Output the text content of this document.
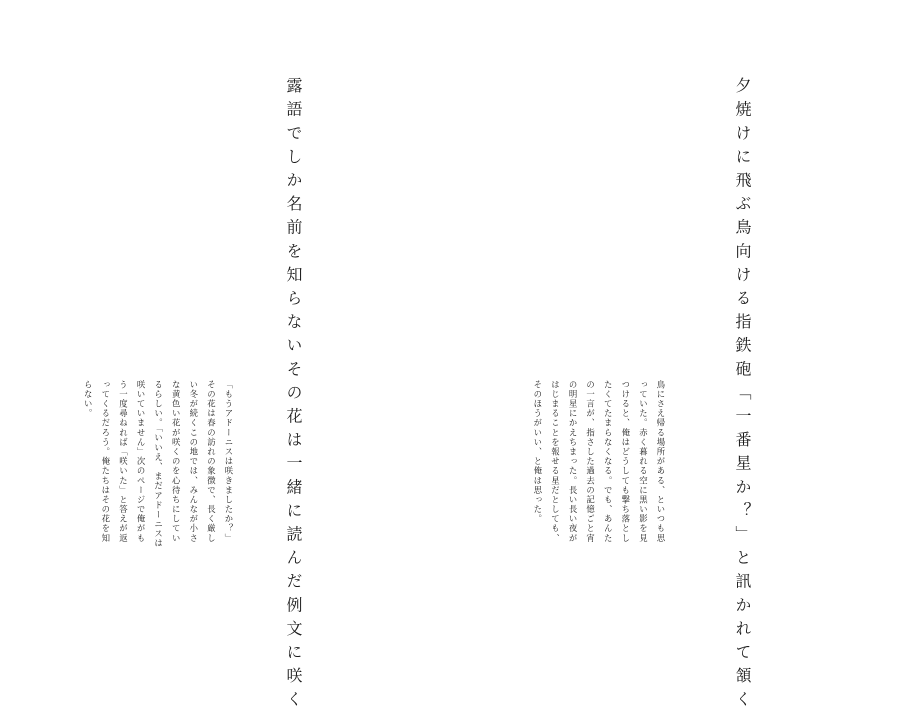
夕焼けに飛ぶ鳥向ける指鉄砲「一番星か？」と訊かれて頷く

鳥にさえ帰る場所がある、といつも思
っていた。赤く暮れる空に黒い影を見
つけると、俺はどうしても撃ち落とし
たくてたまらなくなる。でも、あんた
の一言が、指さした過去の記憶ごと宵
の明星にかえちまった。長い長い夜が
はじまることを報せる星だとしても、
そのほうがいい、と俺は思った。

露語でしか名前を知らないその花は一緒に読んだ例文に咲く

「もうアドーニスは咲きましたか？」
その花は春の訪れの象徴で、長く厳し
い冬が続くこの地では、みんなが小さ
な黄色い花が咲くのを心待ちにしてい
るらしい。「いいえ、まだアドーニスは
咲いていません」次のページで俺がも
う一度尋ねれば「咲いた」と答えが返
ってくるだろう。俺たちはその花を知
らない。
